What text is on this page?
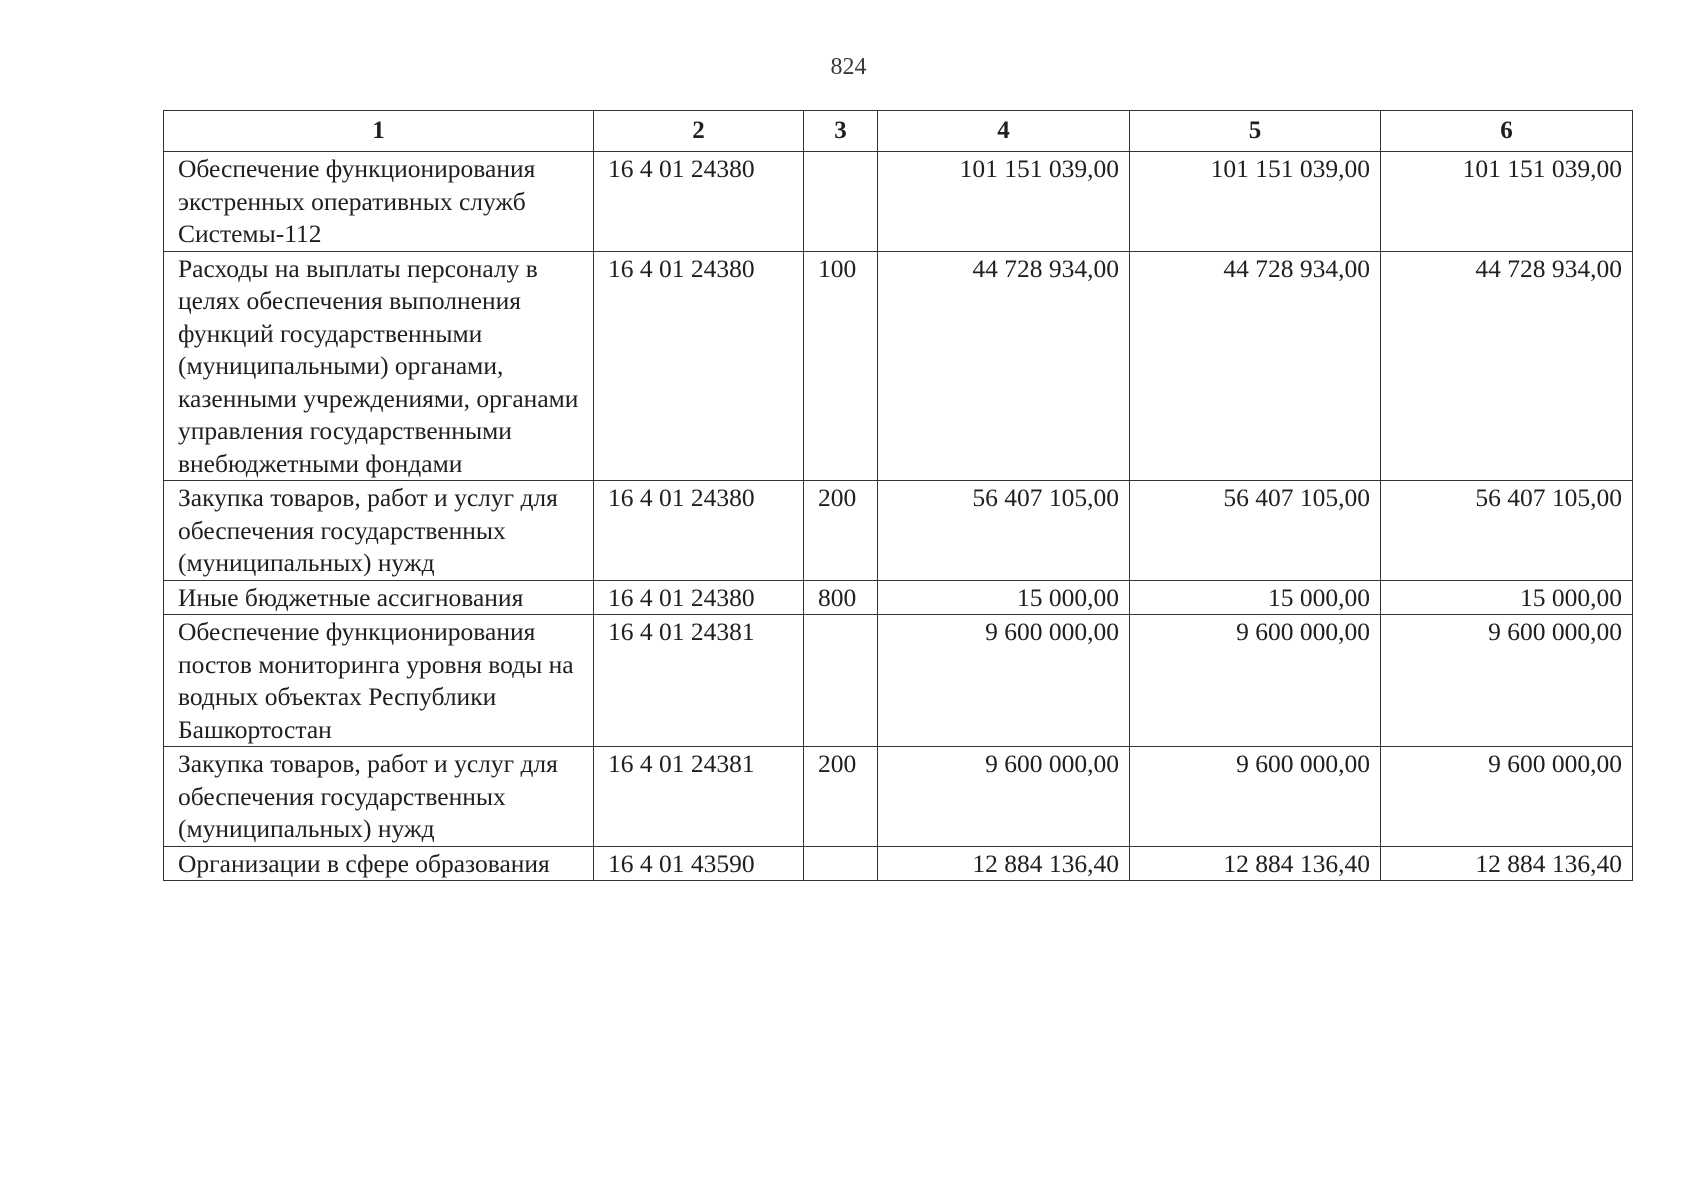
824
1	2	3	4	5	6
Обеспечение функционирования экстренных оперативных служб Системы-112	16 4 01 24380		101 151 039,00	101 151 039,00	101 151 039,00
Расходы на выплаты персоналу в целях обеспечения выполнения функций государственными (муниципальными) органами, казенными учреждениями, органами управления государственными внебюджетными фондами	16 4 01 24380	100	44 728 934,00	44 728 934,00	44 728 934,00
Закупка товаров, работ и услуг для обеспечения государственных (муниципальных) нужд	16 4 01 24380	200	56 407 105,00	56 407 105,00	56 407 105,00
Иные бюджетные ассигнования	16 4 01 24380	800	15 000,00	15 000,00	15 000,00
Обеспечение функционирования постов мониторинга уровня воды на водных объектах Республики Башкортостан	16 4 01 24381		9 600 000,00	9 600 000,00	9 600 000,00
Закупка товаров, работ и услуг для обеспечения государственных (муниципальных) нужд	16 4 01 24381	200	9 600 000,00	9 600 000,00	9 600 000,00
Организации в сфере образования	16 4 01 43590		12 884 136,40	12 884 136,40	12 884 136,40
